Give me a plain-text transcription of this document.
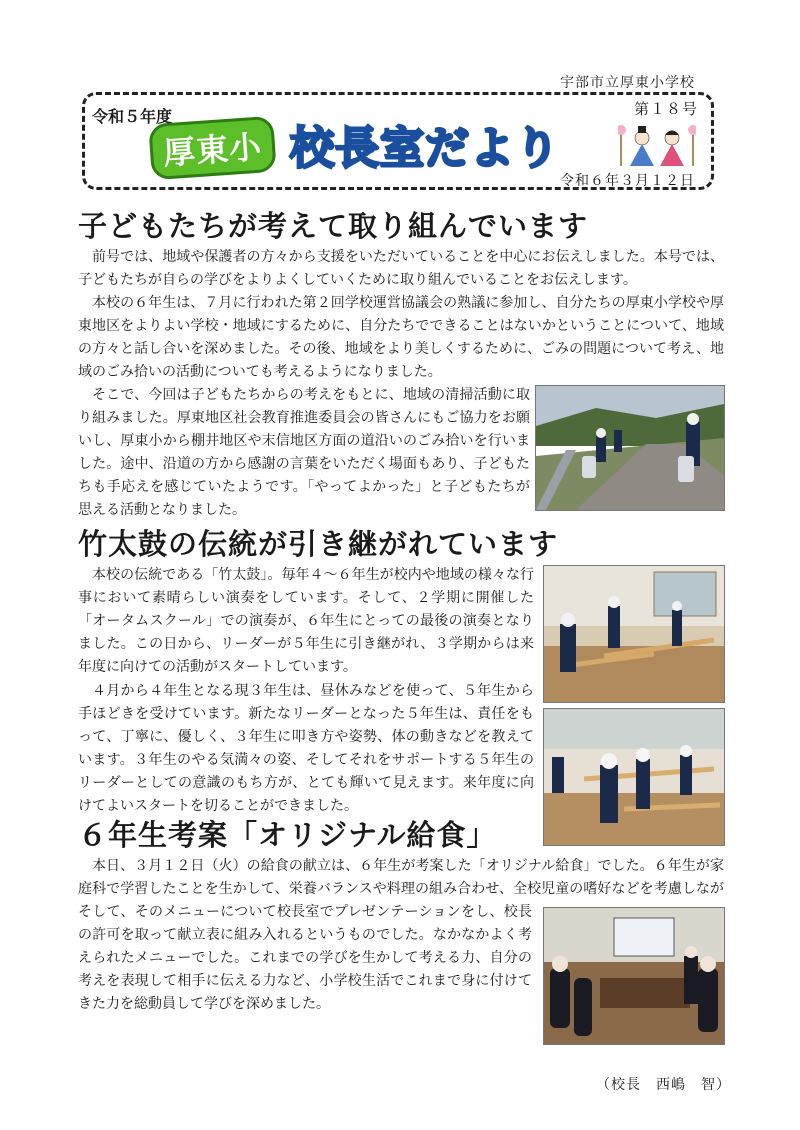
宇部市立厚東小学校
令和５年度
厚東小 校長室だより
第１８号
令和６年３月１２日
子どもたちが考えて取り組んでいます
前号では、地域や保護者の方々から支援をいただいていることを中心にお伝えしました。本号では、子どもたちが自らの学びをよりよくしていくために取り組んでいることをお伝えします。
本校の６年生は、７月に行われた第２回学校運営協議会の熟議に参加し、自分たちの厚東小学校や厚東地区をよりよい学校・地域にするために、自分たちでできることはないかということについて、地域の方々と話し合いを深めました。その後、地域をより美しくするために、ごみの問題について考え、地域のごみ拾いの活動についても考えるようになりました。
そこで、今回は子どもたちからの考えをもとに、地域の清掃活動に取り組みました。厚東地区社会教育推進委員会の皆さんにもご協力をお願いし、厚東小から棚井地区や末信地区方面の道沿いのごみ拾いを行いました。途中、沿道の方から感謝の言葉をいただく場面もあり、子どもたちも手応えを感じていたようです。「やってよかった」と子どもたちが思える活動となりました。
竹太鼓の伝統が引き継がれています
本校の伝統である「竹太鼓」。毎年４～６年生が校内や地域の様々な行事において素晴らしい演奏をしています。そして、２学期に開催した「オータムスクール」での演奏が、６年生にとっての最後の演奏となりました。この日から、リーダーが５年生に引き継がれ、３学期からは来年度に向けての活動がスタートしています。
４月から４年生となる現３年生は、昼休みなどを使って、５年生から手ほどきを受けています。新たなリーダーとなった５年生は、責任をもって、丁寧に、優しく、３年生に叩き方や姿勢、体の動きなどを教えています。３年生のやる気満々の姿、そしてそれをサポートする５年生のリーダーとしての意識のもち方が、とても輝いて見えます。来年度に向けてよいスタートを切ることができました。
６年生考案「オリジナル給食」
本日、３月１２日（火）の給食の献立は、６年生が考案した「オリジナル給食」でした。６年生が家庭科で学習したことを生かして、栄養バランスや料理の組み合わせ、全校児童の嗜好などを考慮しなが
（校長　西嶋　智）
そして、そのメニューについて校長室でプレゼンテーションをし、校長の許可を取って献立表に組み入れるというものでした。なかなかよく考えられたメニューでした。これまでの学びを生かして考える力、自分の考えを表現して相手に伝える力など、小学校生活でこれまで身に付けてきた力を総動員して学びを深めました。
